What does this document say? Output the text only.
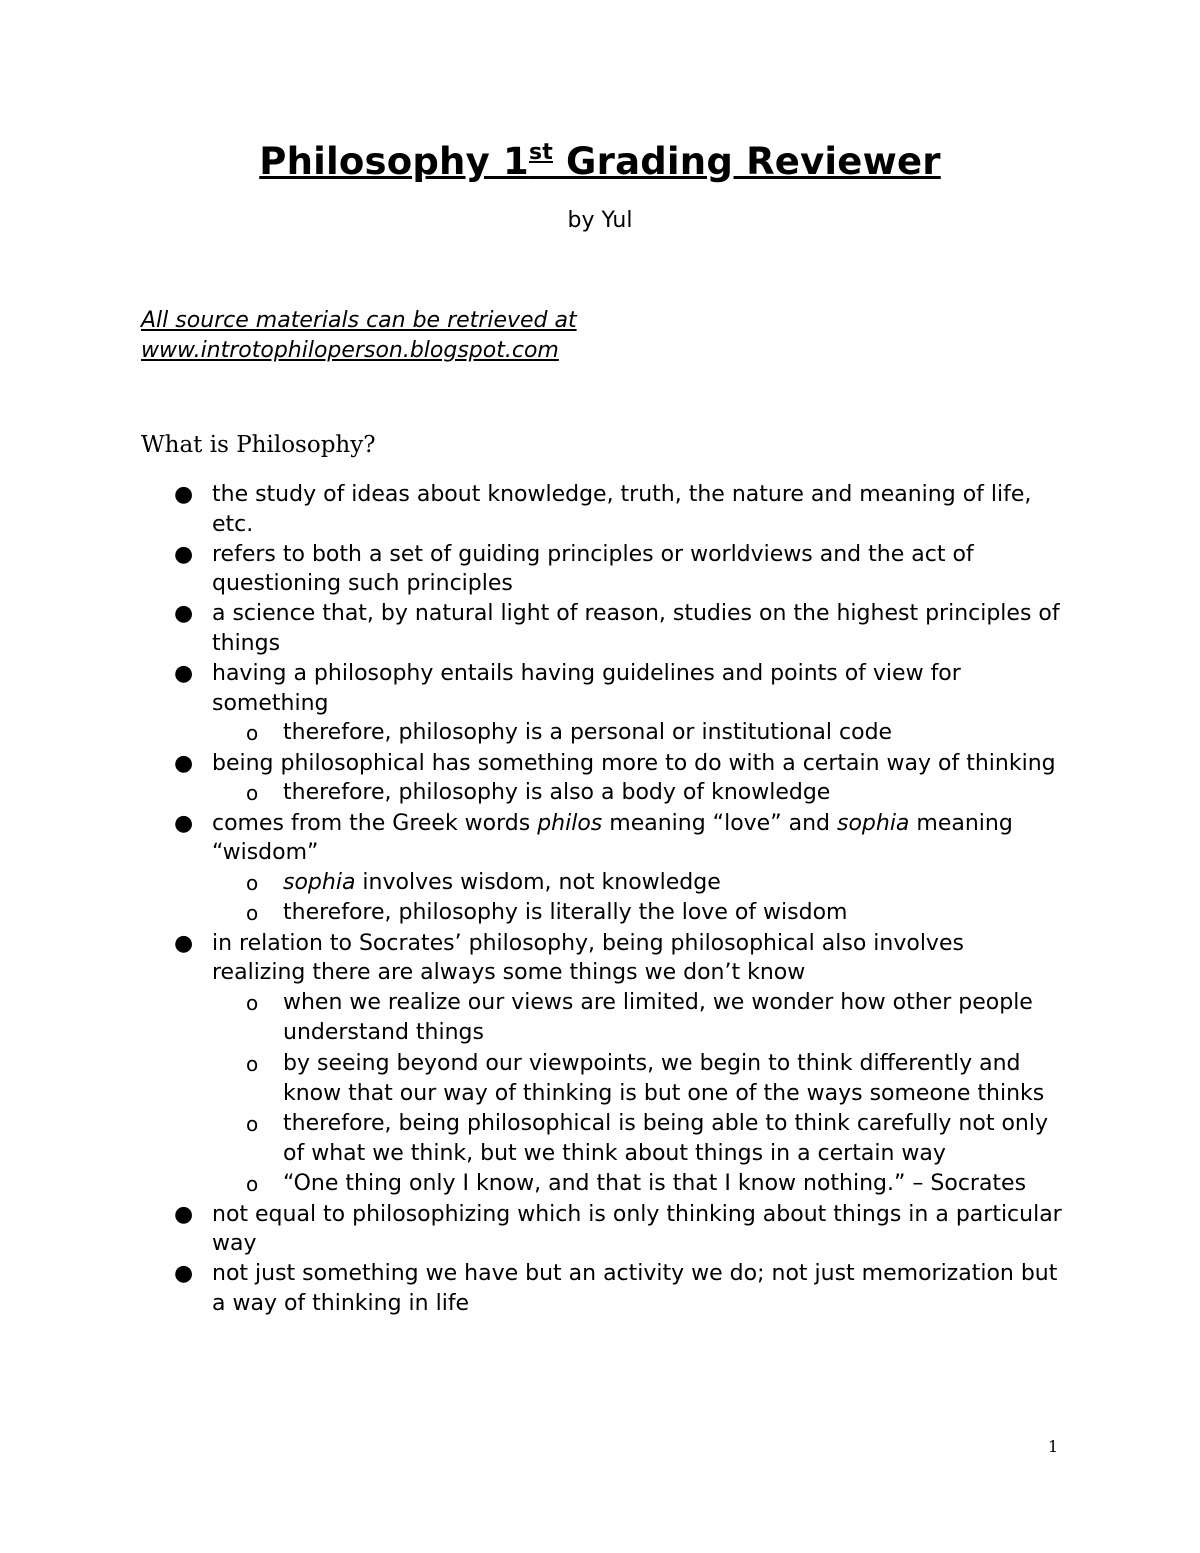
Philosophy 1st Grading Reviewer
by Yul
All source materials can be retrieved at
www.introtophiloperson.blogspot.com
What is Philosophy?
● the study of ideas about knowledge, truth, the nature and meaning of life, etc.
● refers to both a set of guiding principles or worldviews and the act of questioning such principles
● a science that, by natural light of reason, studies on the highest principles of things
● having a philosophy entails having guidelines and points of view for something
o therefore, philosophy is a personal or institutional code
● being philosophical has something more to do with a certain way of thinking
o therefore, philosophy is also a body of knowledge
● comes from the Greek words philos meaning “love” and sophia meaning “wisdom”
o sophia involves wisdom, not knowledge
o therefore, philosophy is literally the love of wisdom
● in relation to Socrates’ philosophy, being philosophical also involves realizing there are always some things we don’t know
o when we realize our views are limited, we wonder how other people understand things
o by seeing beyond our viewpoints, we begin to think differently and know that our way of thinking is but one of the ways someone thinks
o therefore, being philosophical is being able to think carefully not only of what we think, but we think about things in a certain way
o “One thing only I know, and that is that I know nothing.” – Socrates
● not equal to philosophizing which is only thinking about things in a particular way
● not just something we have but an activity we do; not just memorization but a way of thinking in life
1
